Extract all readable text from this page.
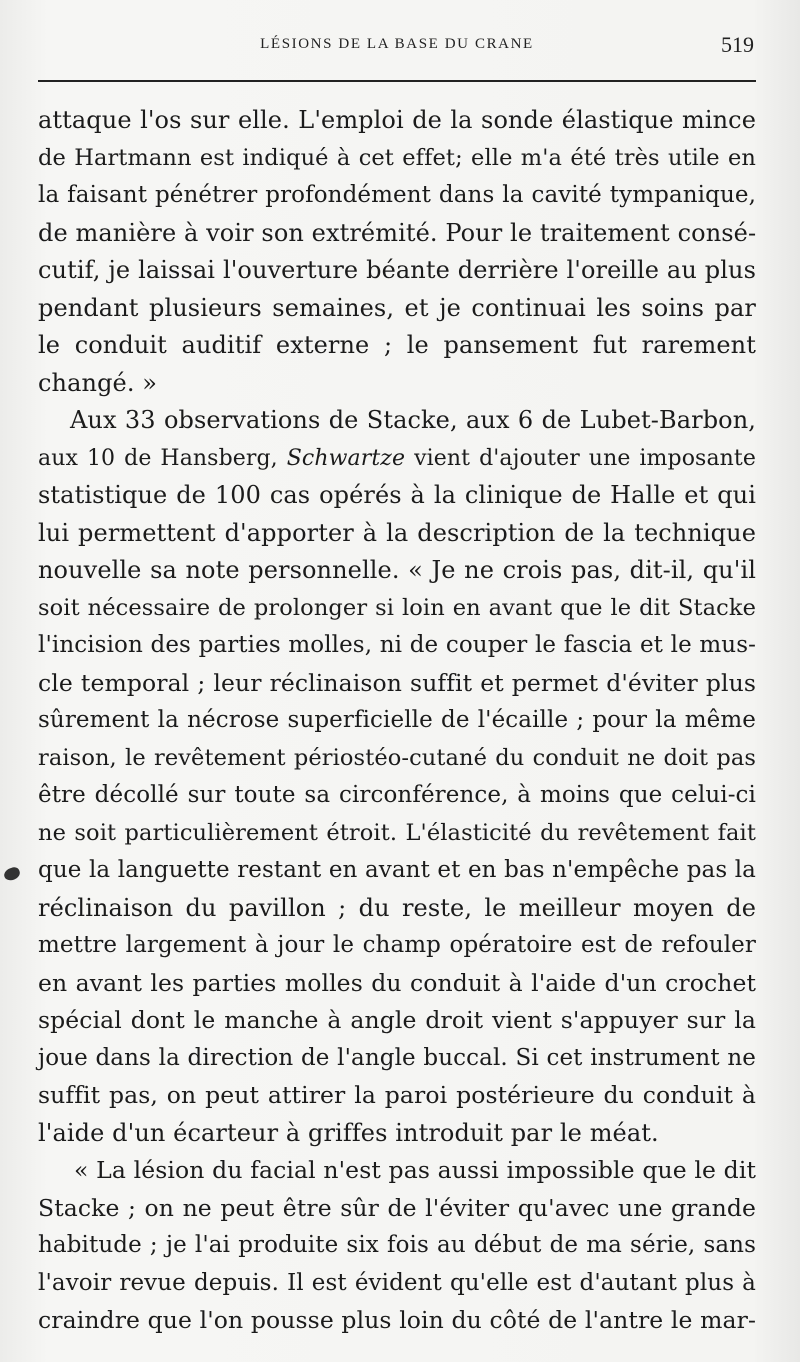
LÉSIONS DE LA BASE DU CRANE	519
attaque l'os sur elle. L'emploi de la sonde élastique mince
de Hartmann est indiqué à cet effet; elle m'a été très utile en
la faisant pénétrer profondément dans la cavité tympanique,
de manière à voir son extrémité. Pour le traitement consé-
cutif, je laissai l'ouverture béante derrière l'oreille au plus
pendant plusieurs semaines, et je continuai les soins par
le conduit auditif externe ; le pansement fut rarement
changé. »
Aux 33 observations de Stacke, aux 6 de Lubet-Barbon,
aux 10 de Hansberg, Schwartze vient d'ajouter une imposante
statistique de 100 cas opérés à la clinique de Halle et qui
lui permettent d'apporter à la description de la technique
nouvelle sa note personnelle. « Je ne crois pas, dit-il, qu'il
soit nécessaire de prolonger si loin en avant que le dit Stacke
l'incision des parties molles, ni de couper le fascia et le mus-
cle temporal ; leur réclinaison suffit et permet d'éviter plus
sûrement la nécrose superficielle de l'écaille ; pour la même
raison, le revêtement périostéo-cutané du conduit ne doit pas
être décollé sur toute sa circonférence, à moins que celui-ci
ne soit particulièrement étroit. L'élasticité du revêtement fait
que la languette restant en avant et en bas n'empêche pas la
réclinaison du pavillon ; du reste, le meilleur moyen de
mettre largement à jour le champ opératoire est de refouler
en avant les parties molles du conduit à l'aide d'un crochet
spécial dont le manche à angle droit vient s'appuyer sur la
joue dans la direction de l'angle buccal. Si cet instrument ne
suffit pas, on peut attirer la paroi postérieure du conduit à
l'aide d'un écarteur à griffes introduit par le méat.
« La lésion du facial n'est pas aussi impossible que le dit
Stacke ; on ne peut être sûr de l'éviter qu'avec une grande
habitude ; je l'ai produite six fois au début de ma série, sans
l'avoir revue depuis. Il est évident qu'elle est d'autant plus à
craindre que l'on pousse plus loin du côté de l'antre le mar-
